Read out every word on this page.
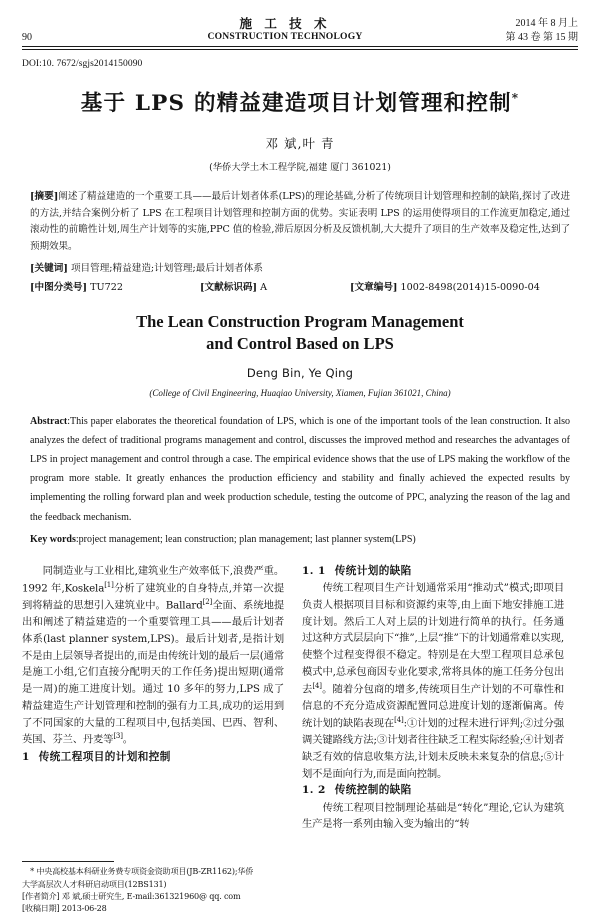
90
施 工 技 术
CONSTRUCTION TECHNOLOGY
2014 年 8 月上
第 43 卷 第 15 期
DOI:10. 7672/sgjs2014150090
基于 LPS 的精益建造项目计划管理和控制*
邓 斌,叶 青
(华侨大学土木工程学院,福建 厦门 361021)

[摘要]阐述了精益建造的一个重要工具——最后计划者体系(LPS)的理论基础,分析了传统项目计划管理和控制的缺陷,探讨了改进的方法,并结合案例分析了 LPS 在工程项目计划管理和控制方面的优势。实证表明 LPS 的运用使得项目的工作流更加稳定,通过滚动性的前瞻性计划,周生产计划等的实施,PPC 值的检验,滞后原因分析及反馈机制,大大提升了项目的生产效率及稳定性,达到了预期效果。

[关键词] 项目管理;精益建造;计划管理;最后计划者体系
[中图分类号] TU722	[文献标识码] A	[文章编号] 1002-8498(2014)15-0090-04
The Lean Construction Program Management
and Control Based on LPS
Deng Bin, Ye Qing
(College of Civil Engineering, Huaqiao University, Xiamen, Fujian 361021, China)
Abstract:This paper elaborates the theoretical foundation of LPS, which is one of the important tools of the lean construction. It also analyzes the defect of traditional programs management and control, discusses the improved method and researches the advantages of LPS in project management and control through a case. The empirical evidence shows that the use of LPS making the workflow of the program more stable. It greatly enhances the production efficiency and stability and finally achieved the expected results by implementing the rolling forward plan and week production schedule, testing the outcome of PPC, analyzing the reason of the lag and the feedback mechanism.
Key words:project management; lean construction; plan management; last planner system(LPS)

同制造业与工业相比,建筑业生产效率低下,浪费严重。1992 年,Koskela[1]分析了建筑业的自身特点,并第一次提到将精益的思想引入建筑业中。Ballard[2]全面、系统地提出和阐述了精益建造的一个重要管理工具——最后计划者体系(last planner system,LPS)。最后计划者,是指计划不是由上层领导者提出的,而是由传统计划的最后一层(通常是施工小组,它们直接分配明天的工作任务)提出短期(通常是一周)的施工进度计划。通过 10 多年的努力,LPS 成了精益建造生产计划管理和控制的强有力工具,成功的运用到了不同国家的大量的工程项目中,包括美国、巴西、智利、英国、芬兰、丹麦等[3]。

1 传统工程项目的计划和控制

1. 1 传统计划的缺陷

传统工程项目生产计划通常采用“推动式”模式;即项目负责人根据项目目标和资源约束等,由上面下地安排施工进度计划。然后工人对上层的计划进行简单的执行。任务通过这种方式层层向下“推”,上层“推”下的计划通常难以实现,使整个过程变得很不稳定。特别是在大型工程项目总承包模式中,总承包商因专业化要求,常将具体的施工任务分包出去[4]。随着分包商的增多,传统项目生产计划的不可靠性和信息的不充分造成资源配置同总进度计划的逐渐偏离。传统计划的缺陷表现在[4]:①计划的过程未进行评判;②过分强调关键路线方法;③计划者往往缺乏工程实际经验;④计划者缺乏有效的信息收集方法,计划未反映未来复杂的信息;⑤计划不是面向行为,而是面向控制。

1. 2 传统控制的缺陷

传统工程项目控制理论基础是“转化”理论,它认为建筑生产是将一系列由输入变为输出的“转

* 中央高校基本科研业务费专项资金资助项目(JB-ZR1162);华侨

大学高层次人才科研启动项目(12BS131)

[作者简介] 邓 斌,硕士研究生, E-mail:361321960@ qq. com

[收稿日期] 2013-06-28
